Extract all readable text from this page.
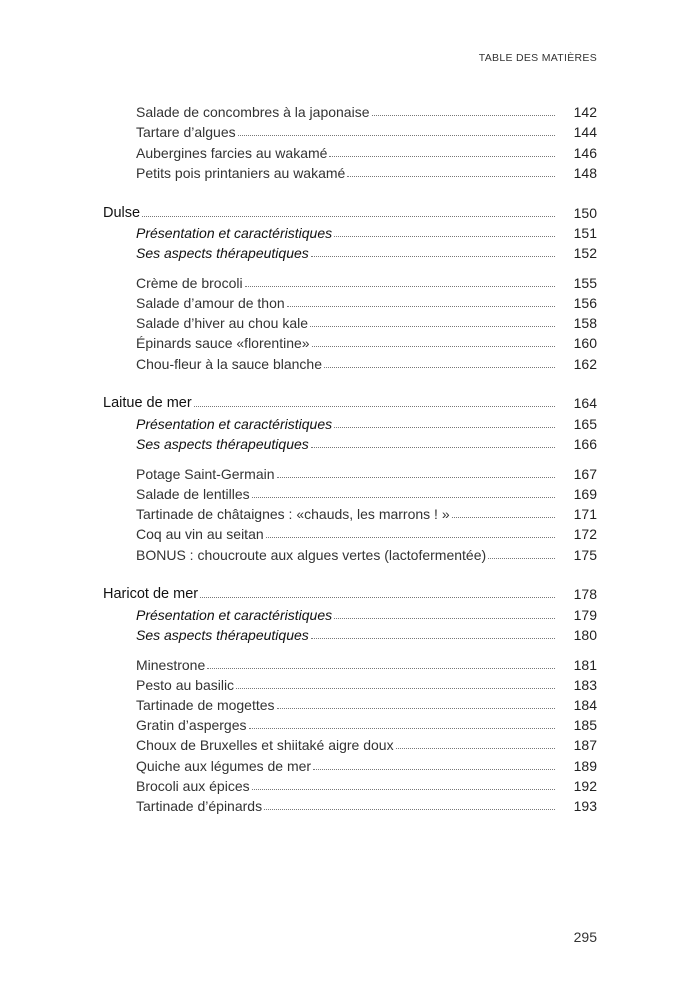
TABLE DES MATIÈRES
Salade de concombres à la japonaise	142
Tartare d’algues	144
Aubergines farcies au wakamé	146
Petits pois printaniers au wakamé	148
Dulse	150
Présentation et caractéristiques	151
Ses aspects thérapeutiques	152
Crème de brocoli	155
Salade d’amour de thon	156
Salade d’hiver au chou kale	158
Épinards sauce «florentine»	160
Chou-fleur à la sauce blanche	162
Laitue de mer	164
Présentation et caractéristiques	165
Ses aspects thérapeutiques	166
Potage Saint-Germain	167
Salade de lentilles	169
Tartinade de châtaignes : «chauds, les marrons ! »	171
Coq au vin au seitan	172
BONUS : choucroute aux algues vertes (lactofermentée)	175
Haricot de mer	178
Présentation et caractéristiques	179
Ses aspects thérapeutiques	180
Minestrone	181
Pesto au basilic	183
Tartinade de mogettes	184
Gratin d’asperges	185
Choux de Bruxelles et shiitaké aigre doux	187
Quiche aux légumes de mer	189
Brocoli aux épices	192
Tartinade d’épinards	193
295
